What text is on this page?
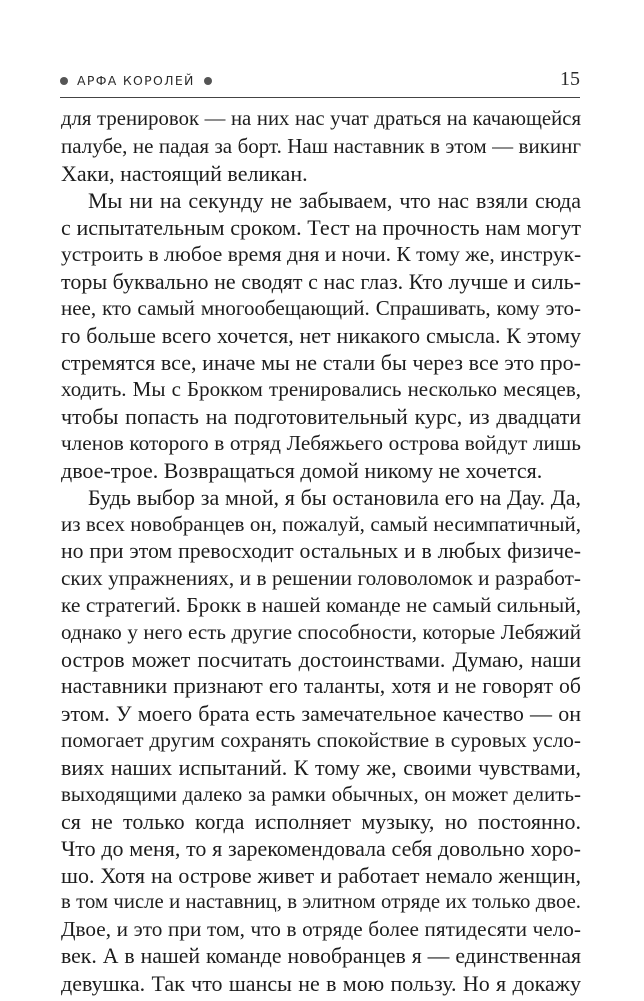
АРФА КОРОЛЕЙ	15
для тренировок — на них нас учат драться на качающейся
палубе, не падая за борт. Наш наставник в этом — викинг
Хаки, настоящий великан.
Мы ни на секунду не забываем, что нас взяли сюда
с испытательным сроком. Тест на прочность нам могут
устроить в любое время дня и ночи. К тому же, инструк-
торы буквально не сводят с нас глаз. Кто лучше и силь-
нее, кто самый многообещающий. Спрашивать, кому это-
го больше всего хочется, нет никакого смысла. К этому
стремятся все, иначе мы не стали бы через все это про-
ходить. Мы с Брокком тренировались несколько месяцев,
чтобы попасть на подготовительный курс, из двадцати
членов которого в отряд Лебяжьего острова войдут лишь
двое-трое. Возвращаться домой никому не хочется.
Будь выбор за мной, я бы остановила его на Дау. Да,
из всех новобранцев он, пожалуй, самый несимпатичный,
но при этом превосходит остальных и в любых физиче-
ских упражнениях, и в решении головоломок и разработ-
ке стратегий. Брокк в нашей команде не самый сильный,
однако у него есть другие способности, которые Лебяжий
остров может посчитать достоинствами. Думаю, наши
наставники признают его таланты, хотя и не говорят об
этом. У моего брата есть замечательное качество — он
помогает другим сохранять спокойствие в суровых усло-
виях наших испытаний. К тому же, своими чувствами,
выходящими далеко за рамки обычных, он может делить-
ся не только когда исполняет музыку, но постоянно.
Что до меня, то я зарекомендовала себя довольно хоро-
шо. Хотя на острове живет и работает немало женщин,
в том числе и наставниц, в элитном отряде их только двое.
Двое, и это при том, что в отряде более пятидесяти чело-
век. А в нашей команде новобранцев я — единственная
девушка. Так что шансы не в мою пользу. Но я докажу
